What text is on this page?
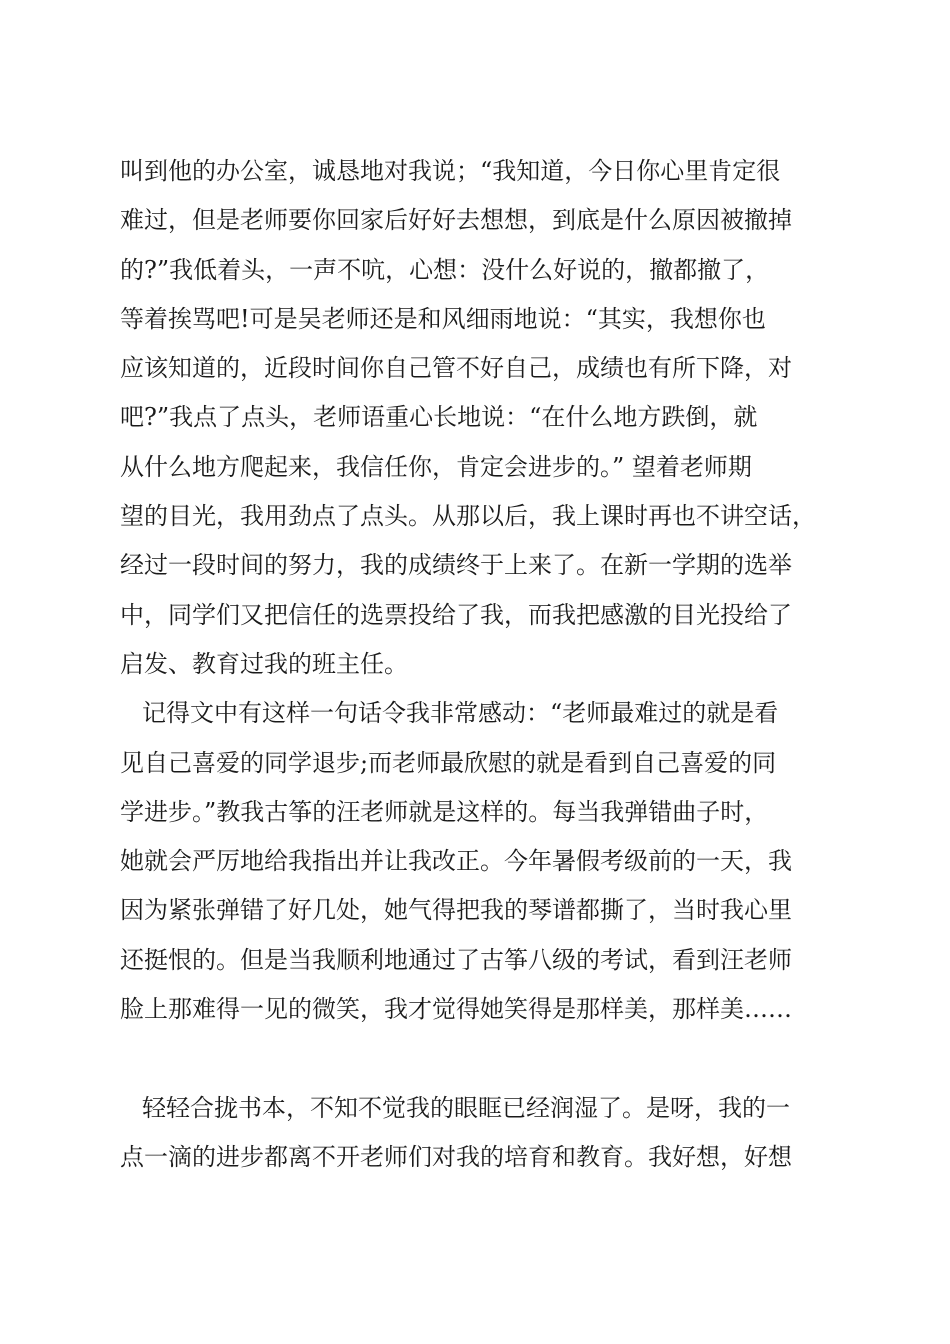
叫到他的办公室，诚恳地对我说；“我知道，今日你心里肯定很
难过，但是老师要你回家后好好去想想，到底是什么原因被撤掉
的?”我低着头，一声不吭，心想：没什么好说的，撤都撤了，
等着挨骂吧!可是吴老师还是和风细雨地说：“其实，我想你也
应该知道的，近段时间你自己管不好自己，成绩也有所下降，对
吧?”我点了点头，老师语重心长地说：“在什么地方跌倒，就
从什么地方爬起来，我信任你，肯定会进步的。” 望着老师期
望的目光，我用劲点了点头。从那以后，我上课时再也不讲空话，
经过一段时间的努力，我的成绩终于上来了。在新一学期的选举
中，同学们又把信任的选票投给了我，而我把感激的目光投给了
启发、教育过我的班主任。
记得文中有这样一句话令我非常感动：“老师最难过的就是看
见自己喜爱的同学退步;而老师最欣慰的就是看到自己喜爱的同
学进步。”教我古筝的汪老师就是这样的。每当我弹错曲子时，
她就会严厉地给我指出并让我改正。今年暑假考级前的一天，我
因为紧张弹错了好几处，她气得把我的琴谱都撕了，当时我心里
还挺恨的。但是当我顺利地通过了古筝八级的考试，看到汪老师
脸上那难得一见的微笑，我才觉得她笑得是那样美，那样美……
轻轻合拢书本，不知不觉我的眼眶已经润湿了。是呀，我的一
点一滴的进步都离不开老师们对我的培育和教育。我好想，好想
